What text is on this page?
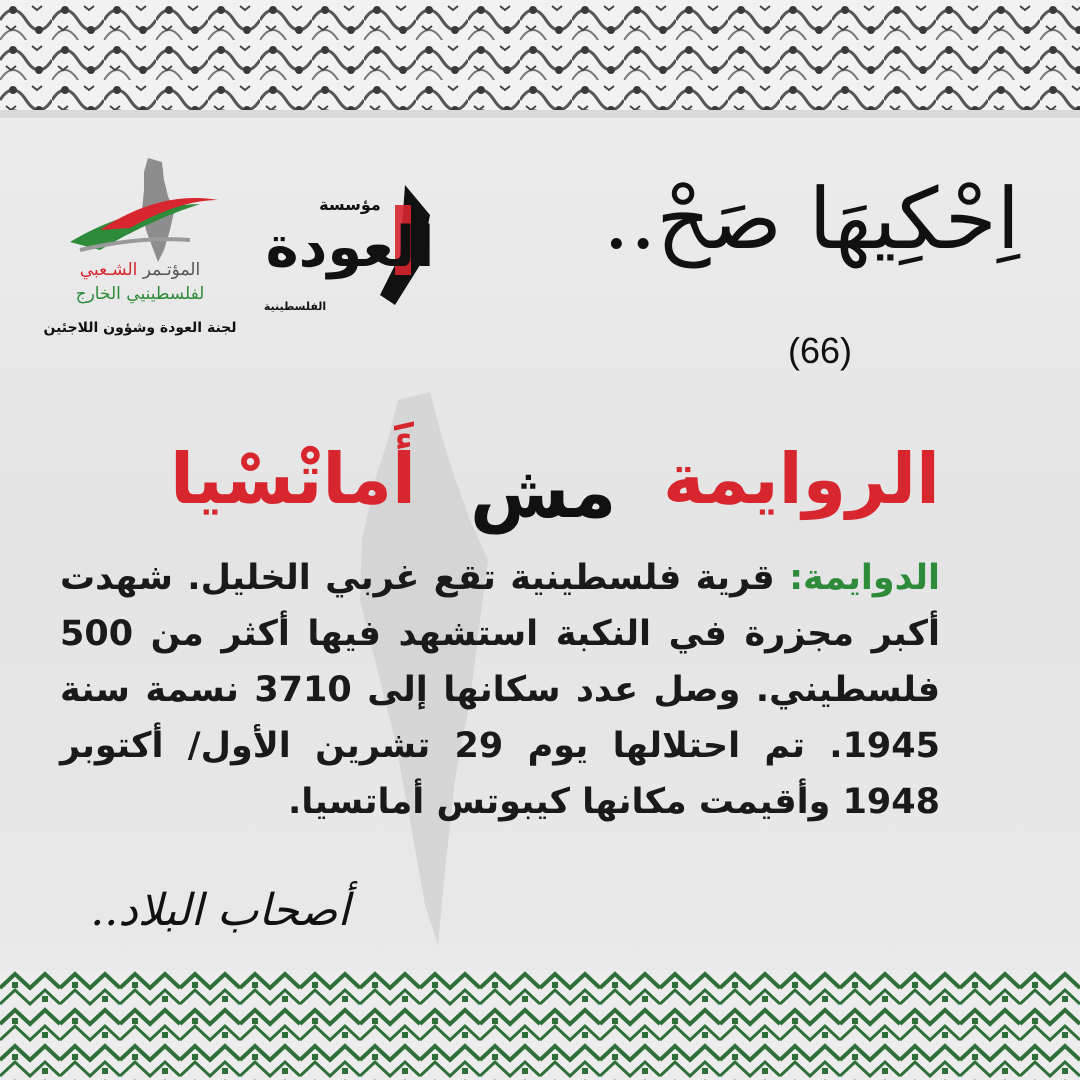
المؤتـمر الشـعبي
لفلسطينيي الخارج
لجنة العودة وشؤون اللاجئين
مؤسسة
العودة
الفلسطينية
اِحْكِيهَا صَحْ..
(66)
الروايمة
مش
أَماتْسْيا
الدوايمة: قرية فلسطينية تقع غربي الخليل. شهدت أكبر مجزرة في النكبة استشهد فيها أكثر من 500 فلسطيني. وصل عدد سكانها إلى 3710 نسمة سنة 1945. تم احتلالها يوم 29 تشرين الأول/ أكتوبر 1948 وأقيمت مكانها كيبوتس أماتسيا.
أصحاب البلاد..
